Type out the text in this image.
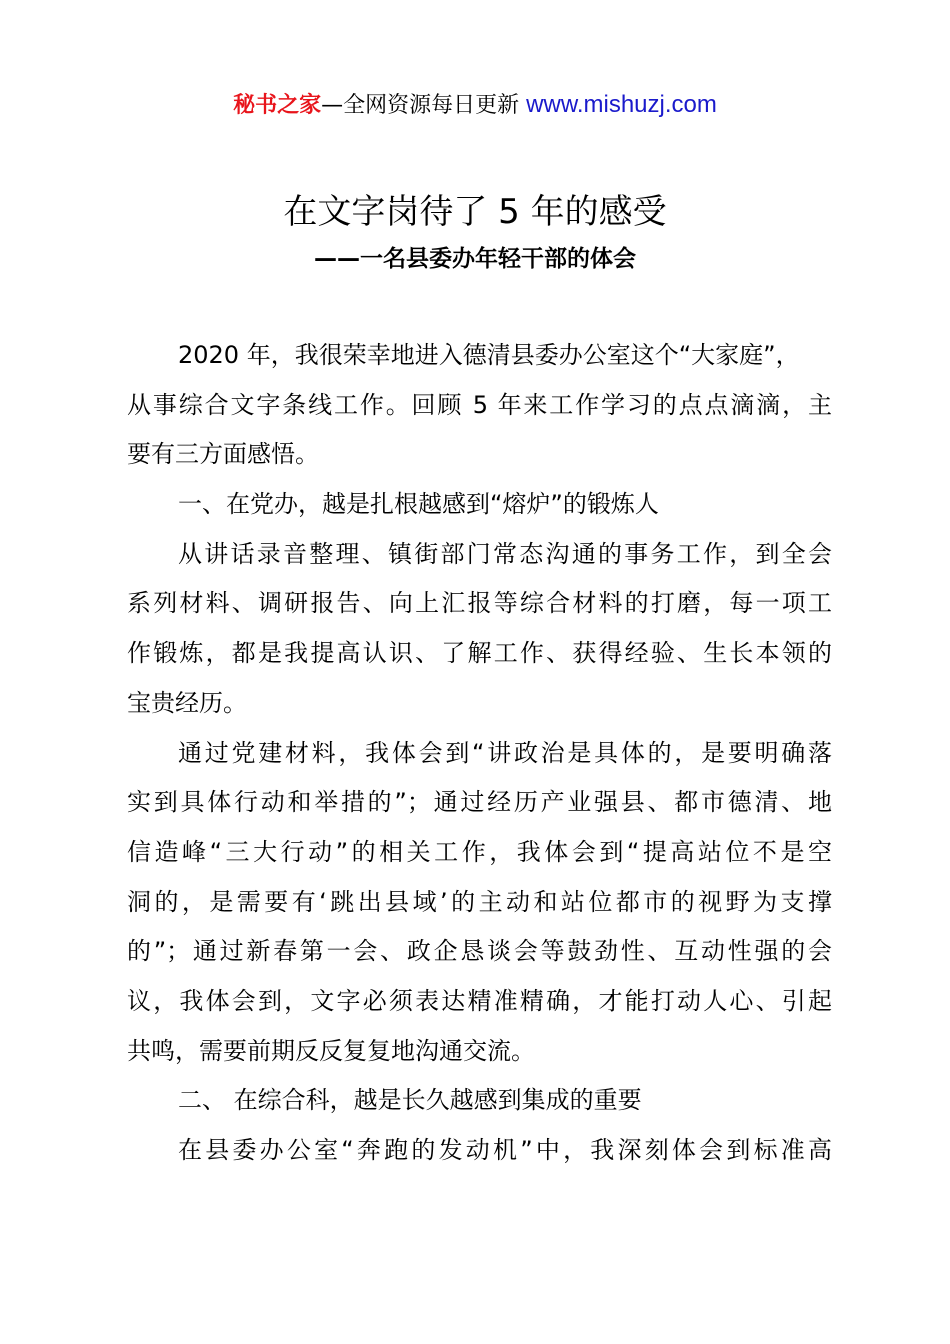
秘书之家—全网资源每日更新 www.mishuzj.com
在文字岗待了 5 年的感受
——一名县委办年轻干部的体会
2020 年，我很荣幸地进入德清县委办公室这个“大家庭”，
从事综合文字条线工作。回顾 5 年来工作学习的点点滴滴，主
要有三方面感悟。
一、在党办，越是扎根越感到“熔炉”的锻炼人
从讲话录音整理、镇街部门常态沟通的事务工作，到全会
系列材料、调研报告、向上汇报等综合材料的打磨，每一项工
作锻炼，都是我提高认识、了解工作、获得经验、生长本领的
宝贵经历。
通过党建材料，我体会到“讲政治是具体的，是要明确落
实到具体行动和举措的”；通过经历产业强县、都市德清、地
信造峰“三大行动”的相关工作，我体会到“提高站位不是空
洞的，是需要有‘跳出县域’的主动和站位都市的视野为支撑
的”；通过新春第一会、政企恳谈会等鼓劲性、互动性强的会
议，我体会到，文字必须表达精准精确，才能打动人心、引起
共鸣，需要前期反反复复地沟通交流。
二、 在综合科，越是长久越感到集成的重要
在县委办公室“奔跑的发动机”中，我深刻体会到标准高
